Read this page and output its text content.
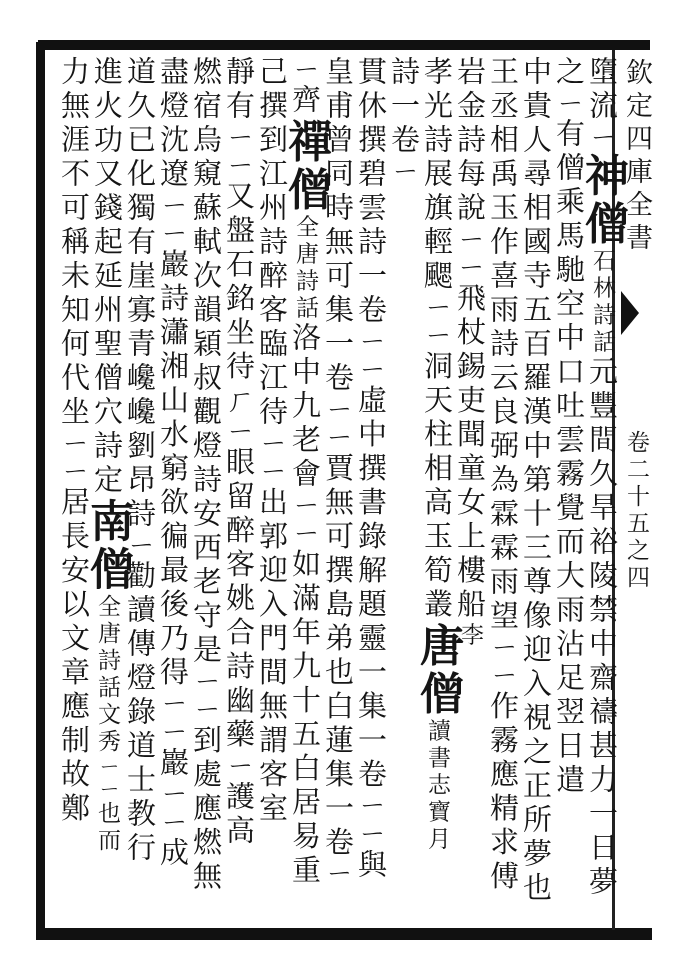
欽定四庫全書
卷二十五之四
墮流ㄧ神僧石林詩話元豐間久旱裕陵禁中齋禱甚力一日夢
之ㄧ有僧乘馬馳空中口吐雲霧覺而大雨沾足翌日遣
中貴人尋相國寺五百羅漢中第十三尊像迎入視之正所夢也
王丞相禹玉作喜雨詩云良弼為霖霖雨望ㄧㄧ作霧應精求傅
岩金詩每說ㄧㄧ飛杖錫吏聞童女上樓船李
孝光詩展旗輕颸ㄧㄧ洞天柱相高玉筍叢唐僧讀書志寶月
詩一卷ㄧ
貫休撰碧雲詩一卷ㄧㄧ虛中撰書錄解題靈一集一卷ㄧㄧ與
皇甫曾同時無可集一卷ㄧㄧ賈無可撰島弟也白蓮集一卷ㄧ
ㄧ齊禪僧全唐詩話洛中九老會ㄧㄧ如滿年九十五白居易重
己撰到江州詩醉客臨江待ㄧㄧ出郭迎入門間無謂客室
靜有ㄧㄧ又盤石銘坐待ㄏㄧ眼留醉客姚合詩幽藥ㄧ護高
燃宿烏窺蘇軾次韻穎叔觀燈詩安西老守是ㄧㄧ到處應燃無
盡燈沈遼ㄧㄧ巖詩瀟湘山水窮欲徧最後乃得ㄧㄧ巖ㄧㄧ成
道久已化獨有崖寡青巉巉劉昂詩ㄧ勸讀傳燈錄道士教行
進火功又錢起延州聖僧穴詩定南僧全唐詩話文秀ㄧㄧ也而
力無涯不可稱未知何代坐ㄧㄧ居長安以文章應制故鄭
